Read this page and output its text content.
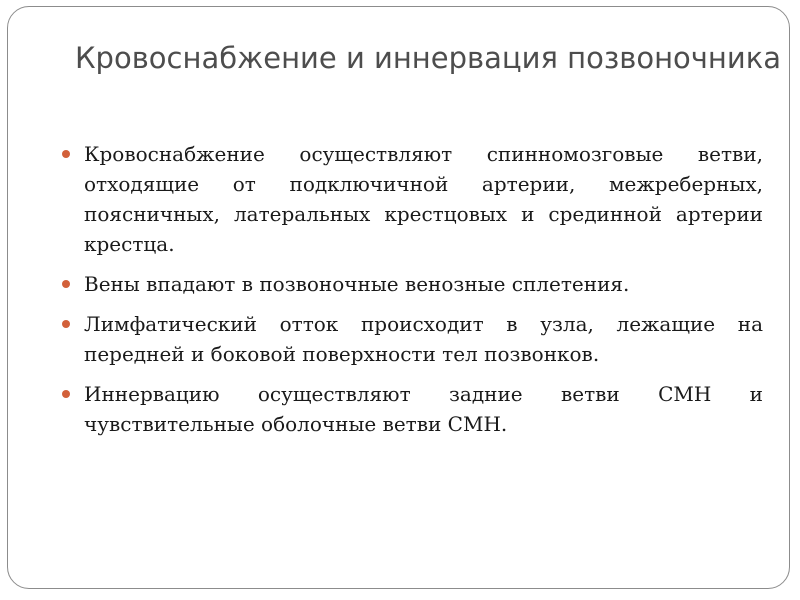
Кровоснабжение и иннервация позвоночника
Кровоснабжение осуществляют спинномозговые ветви, отходящие от подключичной артерии, межреберных, поясничных, латеральных крестцовых и срединной артерии крестца.
Вены впадают в позвоночные венозные сплетения.
Лимфатический отток происходит в узла, лежащие на передней и боковой поверхности тел позвонков.
Иннервацию осуществляют задние ветви СМН и чувствительные оболочные ветви СМН.
